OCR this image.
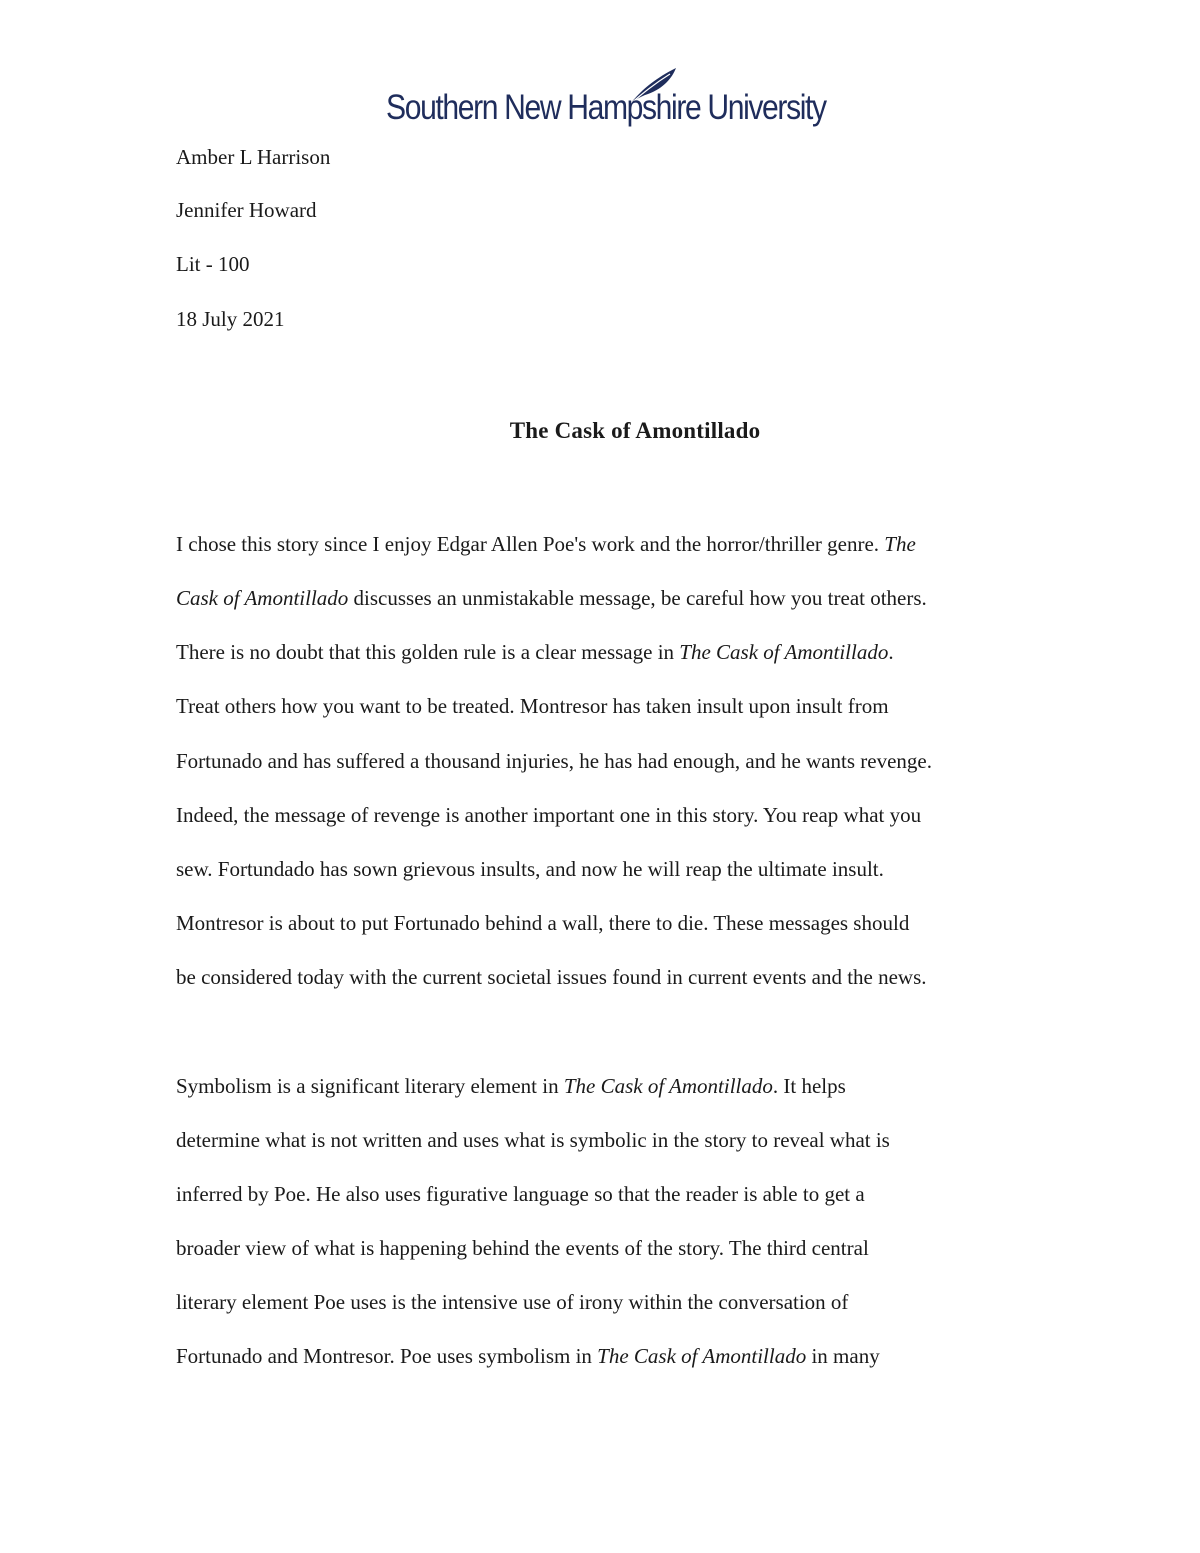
Southern New Hampshire University
Amber L Harrison
Jennifer Howard
Lit - 100
18 July 2021
The Cask of Amontillado
I chose this story since I enjoy Edgar Allen Poe's work and the horror/thriller genre. The
Cask of Amontillado discusses an unmistakable message, be careful how you treat others.
There is no doubt that this golden rule is a clear message in The Cask of Amontillado.
Treat others how you want to be treated. Montresor has taken insult upon insult from
Fortunado and has suffered a thousand injuries, he has had enough, and he wants revenge.
Indeed, the message of revenge is another important one in this story. You reap what you
sew. Fortundado has sown grievous insults, and now he will reap the ultimate insult.
Montresor is about to put Fortunado behind a wall, there to die. These messages should
be considered today with the current societal issues found in current events and the news.
Symbolism is a significant literary element in The Cask of Amontillado. It helps
determine what is not written and uses what is symbolic in the story to reveal what is
inferred by Poe. He also uses figurative language so that the reader is able to get a
broader view of what is happening behind the events of the story. The third central
literary element Poe uses is the intensive use of irony within the conversation of
Fortunado and Montresor. Poe uses symbolism in The Cask of Amontillado in many
